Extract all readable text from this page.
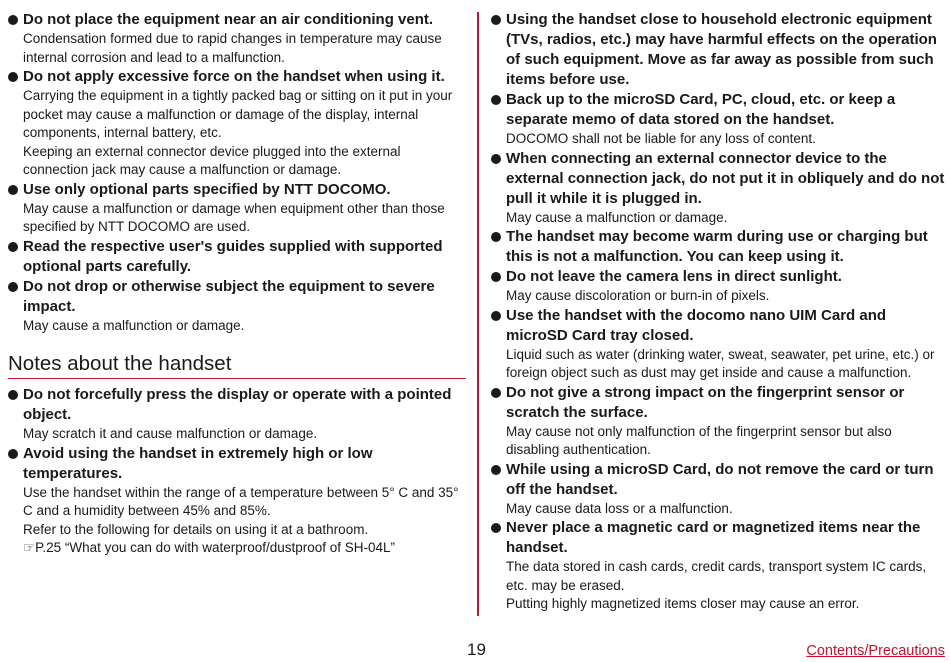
Do not place the equipment near an air conditioning vent.

Condensation formed due to rapid changes in temperature may cause internal corrosion and lead to a malfunction.

Do not apply excessive force on the handset when using it.

Carrying the equipment in a tightly packed bag or sitting on it put in your pocket may cause a malfunction or damage of the display, internal components, internal battery, etc.

Keeping an external connector device plugged into the external connection jack may cause a malfunction or damage.

Use only optional parts specified by NTT DOCOMO.

May cause a malfunction or damage when equipment other than those specified by NTT DOCOMO are used.

Read the respective user's guides supplied with supported optional parts carefully.

Do not drop or otherwise subject the equipment to severe impact.

May cause a malfunction or damage.

Notes about the handset

Do not forcefully press the display or operate with a pointed object.

May scratch it and cause malfunction or damage.

Avoid using the handset in extremely high or low temperatures.

Use the handset within the range of a temperature between 5° C and 35° C and a humidity between 45% and 85%.

Refer to the following for details on using it at a bathroom.

☞P.25 “What you can do with waterproof/dustproof of SH-04L”

Using the handset close to household electronic equipment (TVs, radios, etc.) may have harmful effects on the operation of such equipment. Move as far away as possible from such items before use.

Back up to the microSD Card, PC, cloud, etc. or keep a separate memo of data stored on the handset.

DOCOMO shall not be liable for any loss of content.

When connecting an external connector device to the external connection jack, do not put it in obliquely and do not pull it while it is plugged in.

May cause a malfunction or damage.

The handset may become warm during use or charging but this is not a malfunction. You can keep using it.

Do not leave the camera lens in direct sunlight.

May cause discoloration or burn-in of pixels.

Use the handset with the docomo nano UIM Card and microSD Card tray closed.

Liquid such as water (drinking water, sweat, seawater, pet urine, etc.) or foreign object such as dust may get inside and cause a malfunction.

Do not give a strong impact on the fingerprint sensor or scratch the surface.

May cause not only malfunction of the fingerprint sensor but also disabling authentication.

While using a microSD Card, do not remove the card or turn off the handset.

May cause data loss or a malfunction.

Never place a magnetic card or magnetized items near the handset.

The data stored in cash cards, credit cards, transport system IC cards, etc. may be erased.

Putting highly magnetized items closer may cause an error.

19	Contents/Precautions
